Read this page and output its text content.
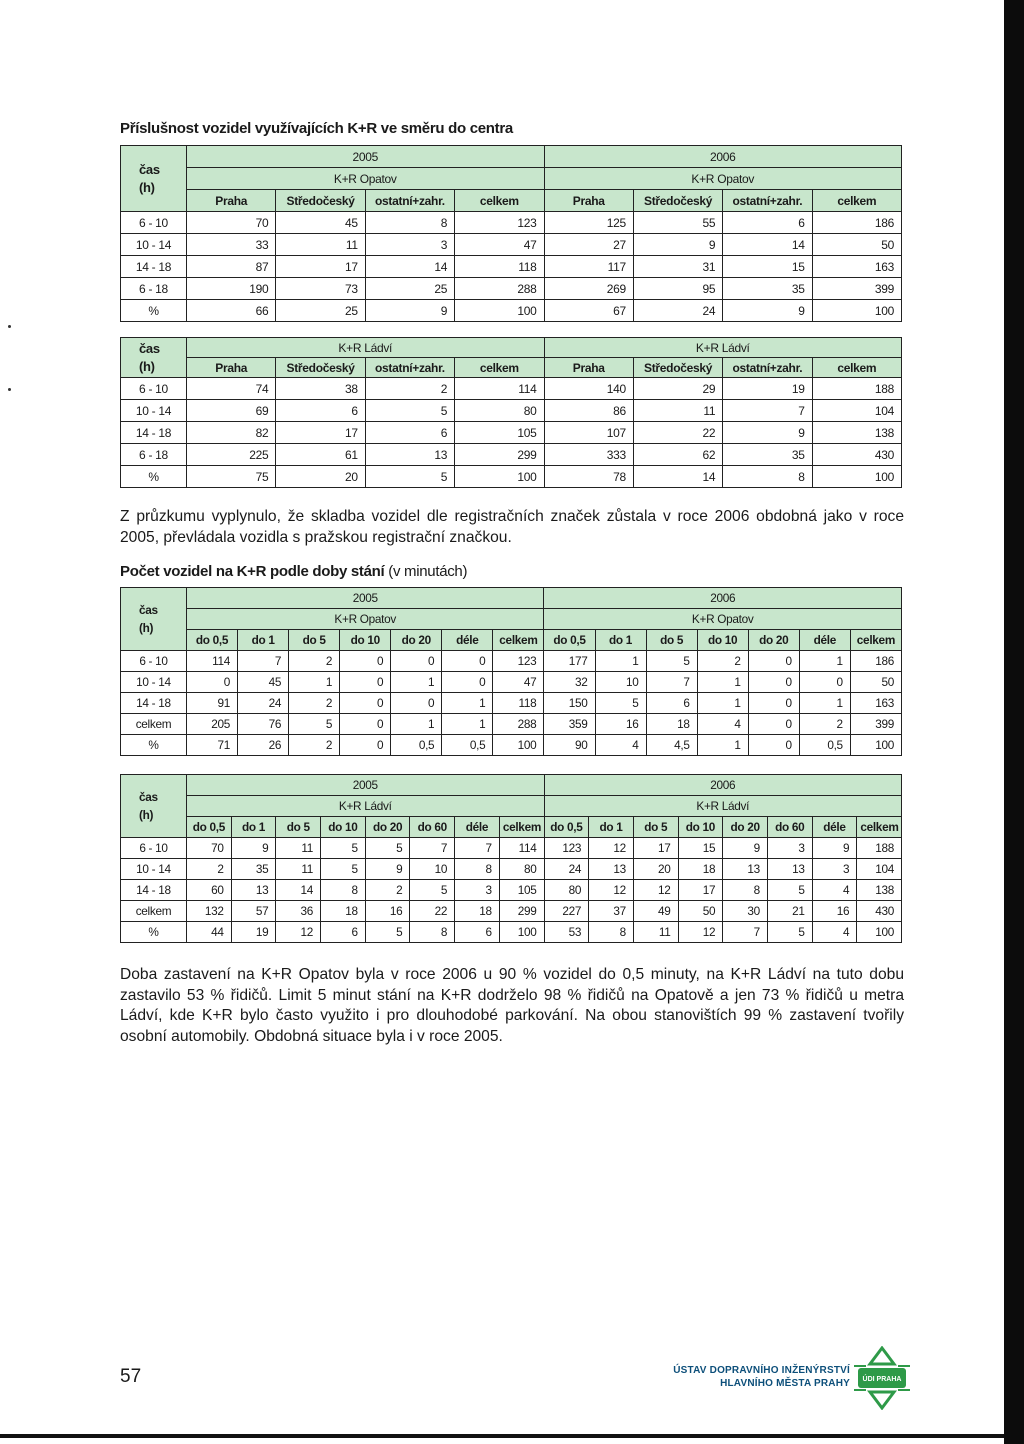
Příslušnost vozidel využívajících K+R ve směru do centra
čas
(h)	2005				2006			
	K+R Opatov				K+R Opatov			
	Praha	Středočeský	ostatní+zahr.	celkem	Praha	Středočeský	ostatní+zahr.	celkem
6 - 10	70	45	8	123	125	55	6	186
10 - 14	33	11	3	47	27	9	14	50
14 - 18	87	17	14	118	117	31	15	163
6 - 18	190	73	25	288	269	95	35	399
%	66	25	9	100	67	24	9	100
čas
(h)	K+R Ládví				K+R Ládví			
	Praha	Středočeský	ostatní+zahr.	celkem	Praha	Středočeský	ostatní+zahr.	celkem
6 - 10	74	38	2	114	140	29	19	188
10 - 14	69	6	5	80	86	11	7	104
14 - 18	82	17	6	105	107	22	9	138
6 - 18	225	61	13	299	333	62	35	430
%	75	20	5	100	78	14	8	100

Z průzkumu vyplynulo, že skladba vozidel dle registračních značek zůstala v roce 2006 obdobná jako v roce 2005, převládala vozidla s pražskou registrační značkou.

Počet vozidel na K+R podle doby stání (v minutách)
čas
(h)	2005							2006						
	K+R Opatov							K+R Opatov						
	do 0,5	do 1	do 5	do 10	do 20	déle	celkem	do 0,5	do 1	do 5	do 10	do 20	déle	celkem
6 - 10	114	7	2	0	0	0	123	177	1	5	2	0	1	186
10 - 14	0	45	1	0	1	0	47	32	10	7	1	0	0	50
14 - 18	91	24	2	0	0	1	118	150	5	6	1	0	1	163
celkem	205	76	5	0	1	1	288	359	16	18	4	0	2	399
%	71	26	2	0	0,5	0,5	100	90	4	4,5	1	0	0,5	100
čas
(h)	2005								2006							
	K+R Ládví								K+R Ládví							
	do 0,5	do 1	do 5	do 10	do 20	do 60	déle	celkem	do 0,5	do 1	do 5	do 10	do 20	do 60	déle	celkem
6 - 10	70	9	11	5	5	7	7	114	123	12	17	15	9	3	9	188
10 - 14	2	35	11	5	9	10	8	80	24	13	20	18	13	13	3	104
14 - 18	60	13	14	8	2	5	3	105	80	12	12	17	8	5	4	138
celkem	132	57	36	18	16	22	18	299	227	37	49	50	30	21	16	430
%	44	19	12	6	5	8	6	100	53	8	11	12	7	5	4	100

Doba zastavení na K+R Opatov byla v roce 2006 u 90 % vozidel do 0,5 minuty, na K+R Ládví na tuto dobu zastavilo 53 % řidičů. Limit 5 minut stání na K+R dodrželo 98 % řidičů na Opatově a jen 73 % řidičů u metra Ládví, kde K+R bylo často využito i pro dlouhodobé parkování. Na obou stanovištích 99 % zastavení tvořily osobní automobily. Obdobná situace byla i v roce 2005.

57	ÚSTAV DOPRAVNÍHO INŽENÝRSTVÍ
HLAVNÍHO MĚSTA PRAHY ÚDI PRAHA
